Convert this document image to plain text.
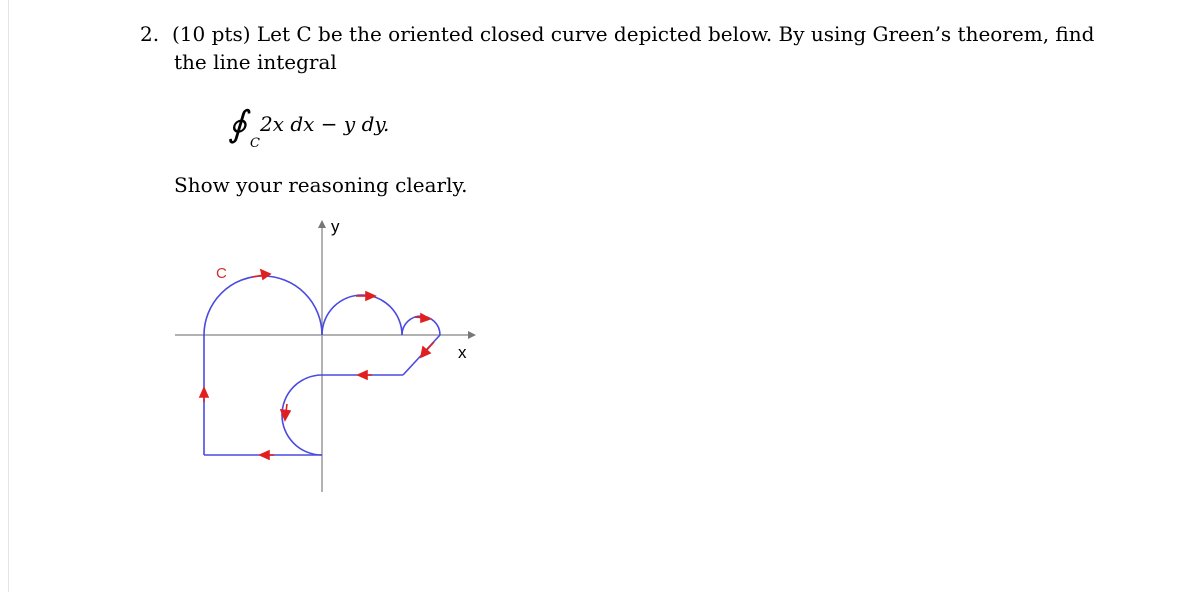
2. (10 pts) Let C be the oriented closed curve depicted below. By using Green’s theorem, find
the line integral
∮ C
2x dx − y dy.
Show your reasoning clearly.
y
x
C
